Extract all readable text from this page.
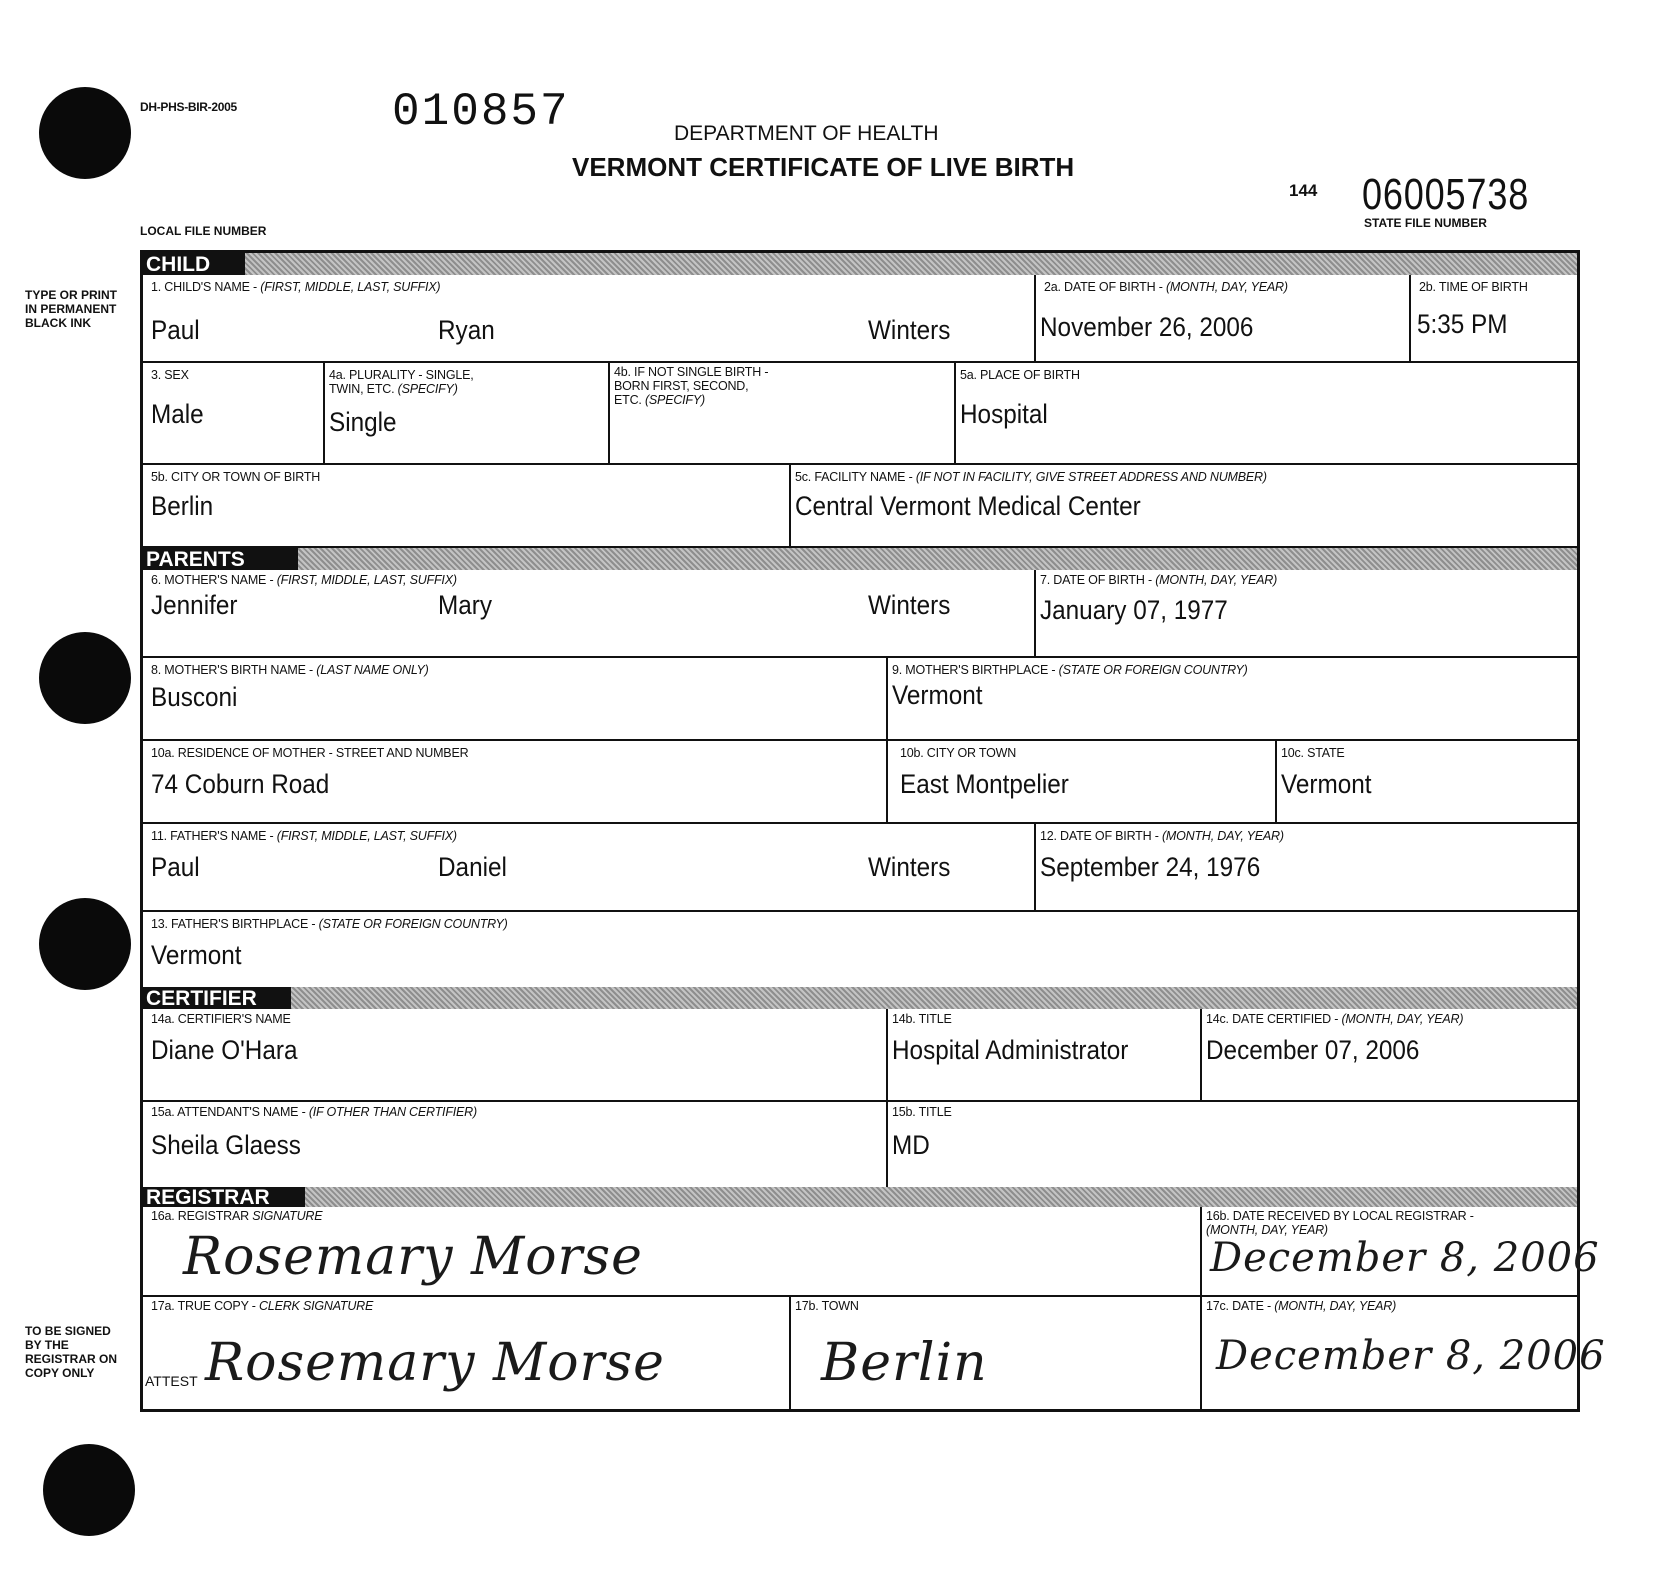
DH-PHS-BIR-2005	010857	DEPARTMENT OF HEALTH
VERMONT CERTIFICATE OF LIVE BIRTH
LOCAL FILE NUMBER
144 06005738
STATE FILE NUMBER
TYPE OR PRINT IN PERMANENT BLACK INK
TO BE SIGNED BY THE REGISTRAR ON COPY ONLY
CHILD
1. CHILD'S NAME - (FIRST, MIDDLE, LAST, SUFFIX)
Paul	Ryan	Winters
2a. DATE OF BIRTH - (MONTH, DAY, YEAR)
November 26, 2006
2b. TIME OF BIRTH
5:35 PM
3. SEX
Male
4a. PLURALITY - SINGLE,
TWIN, ETC. (SPECIFY)
Single
4b. IF NOT SINGLE BIRTH -
BORN FIRST, SECOND,
ETC. (SPECIFY)
5a. PLACE OF BIRTH
Hospital
5b. CITY OR TOWN OF BIRTH
Berlin
5c. FACILITY NAME - (IF NOT IN FACILITY, GIVE STREET ADDRESS AND NUMBER)
Central Vermont Medical Center
PARENTS
6. MOTHER'S NAME - (FIRST, MIDDLE, LAST, SUFFIX)
Jennifer	Mary	Winters
7. DATE OF BIRTH - (MONTH, DAY, YEAR)
January 07, 1977
8. MOTHER'S BIRTH NAME - (LAST NAME ONLY)
Busconi
9. MOTHER'S BIRTHPLACE - (STATE OR FOREIGN COUNTRY)
Vermont
10a. RESIDENCE OF MOTHER - STREET AND NUMBER
74 Coburn Road
10b. CITY OR TOWN
East Montpelier
10c. STATE
Vermont
11. FATHER'S NAME - (FIRST, MIDDLE, LAST, SUFFIX)
Paul	Daniel	Winters
12. DATE OF BIRTH - (MONTH, DAY, YEAR)
September 24, 1976
13. FATHER'S BIRTHPLACE - (STATE OR FOREIGN COUNTRY)
Vermont
CERTIFIER
14a. CERTIFIER'S NAME
Diane O'Hara
14b. TITLE
Hospital Administrator
14c. DATE CERTIFIED - (MONTH, DAY, YEAR)
December 07, 2006
15a. ATTENDANT'S NAME - (IF OTHER THAN CERTIFIER)
Sheila Glaess
15b. TITLE
MD
REGISTRAR
16a. REGISTRAR SIGNATURE
Rosemary Morse
16b. DATE RECEIVED BY LOCAL REGISTRAR -
(MONTH, DAY, YEAR)
December 8, 2006
17a. TRUE COPY - CLERK SIGNATURE
ATTEST Rosemary Morse
17b. TOWN
Berlin
17c. DATE - (MONTH, DAY, YEAR)
December 8, 2006
